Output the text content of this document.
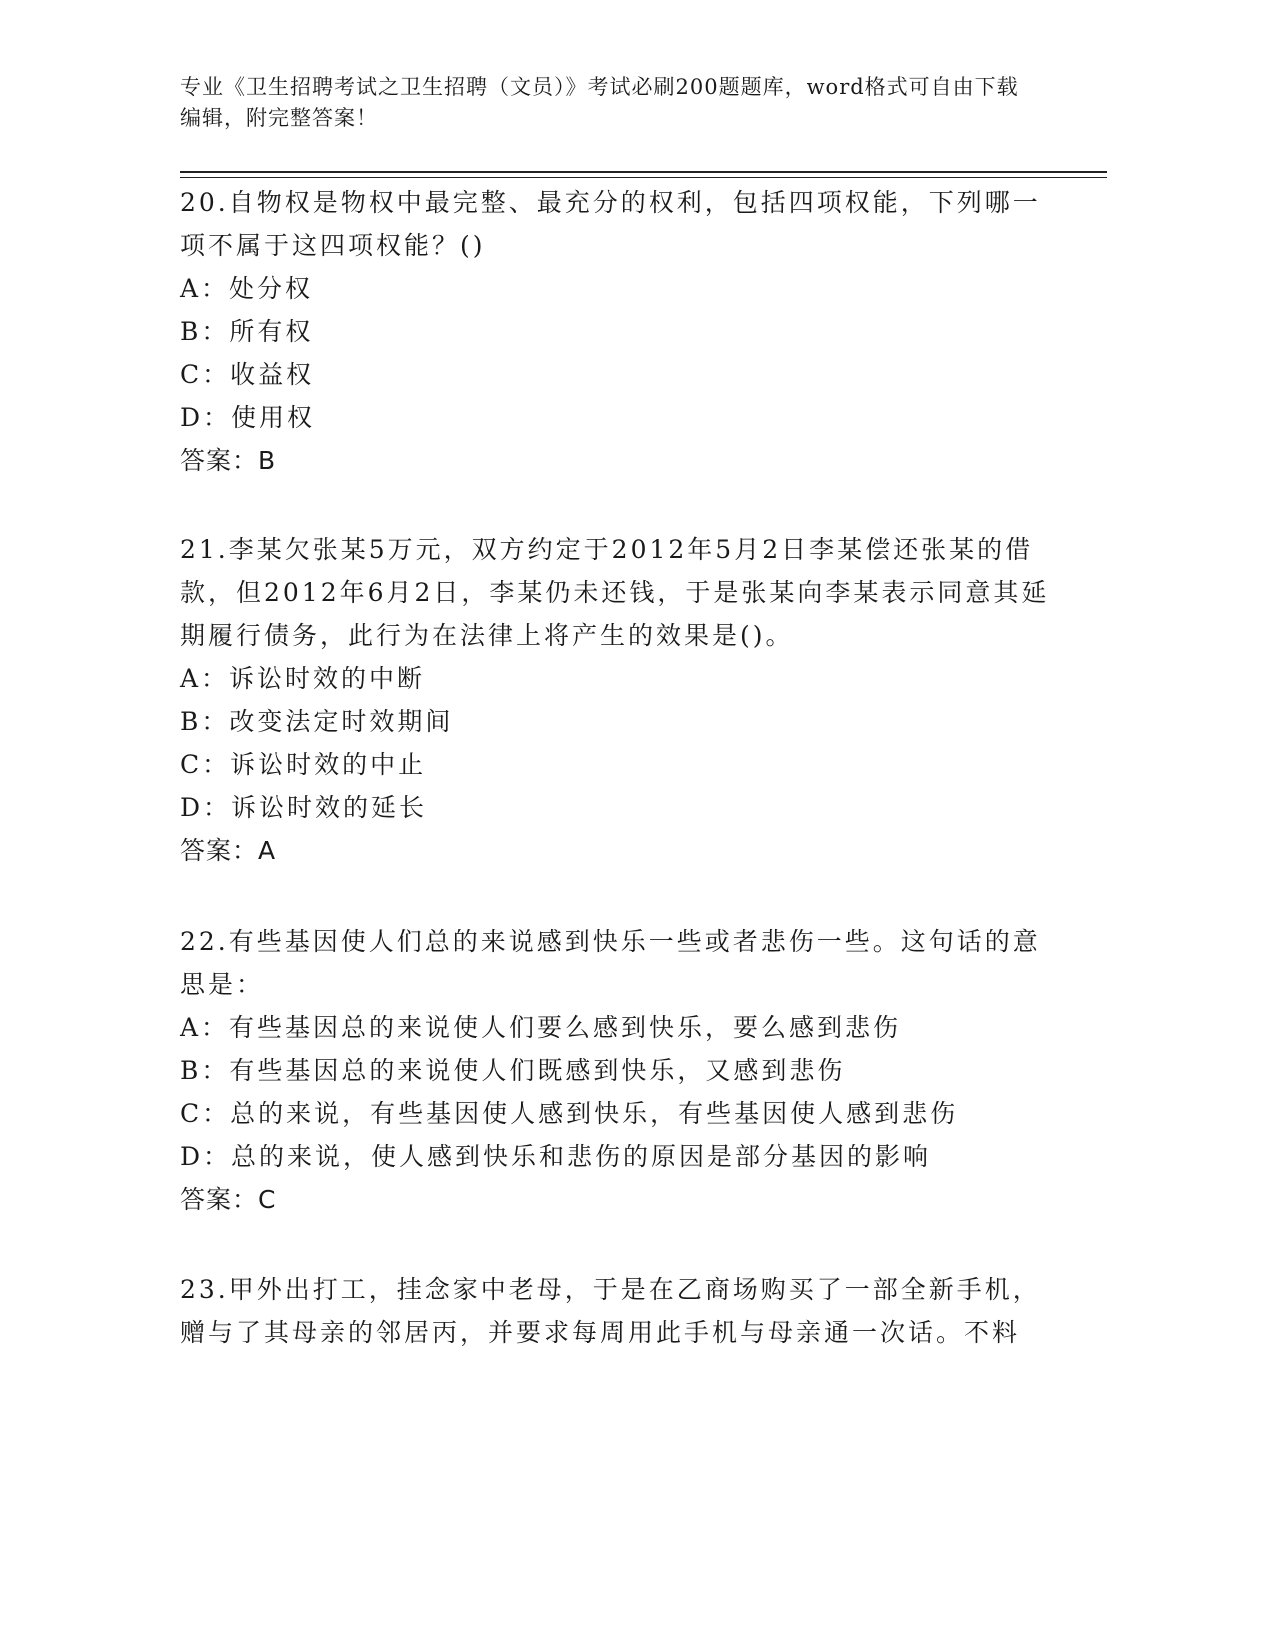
专业《卫生招聘考试之卫生招聘（文员）》考试必刷200题题库，word格式可自由下载编辑，附完整答案！
20.自物权是物权中最完整、最充分的权利，包括四项权能，下列哪一项不属于这四项权能？()
A：处分权
B：所有权
C：收益权
D：使用权
答案：B
21.李某欠张某5万元，双方约定于2012年5月2日李某偿还张某的借款，但2012年6月2日，李某仍未还钱，于是张某向李某表示同意其延期履行债务，此行为在法律上将产生的效果是()。
A：诉讼时效的中断
B：改变法定时效期间
C：诉讼时效的中止
D：诉讼时效的延长
答案：A
22.有些基因使人们总的来说感到快乐一些或者悲伤一些。这句话的意思是：
A：有些基因总的来说使人们要么感到快乐，要么感到悲伤
B：有些基因总的来说使人们既感到快乐，又感到悲伤
C：总的来说，有些基因使人感到快乐，有些基因使人感到悲伤
D：总的来说，使人感到快乐和悲伤的原因是部分基因的影响
答案：C
23.甲外出打工，挂念家中老母，于是在乙商场购买了一部全新手机，赠与了其母亲的邻居丙，并要求每周用此手机与母亲通一次话。不料
